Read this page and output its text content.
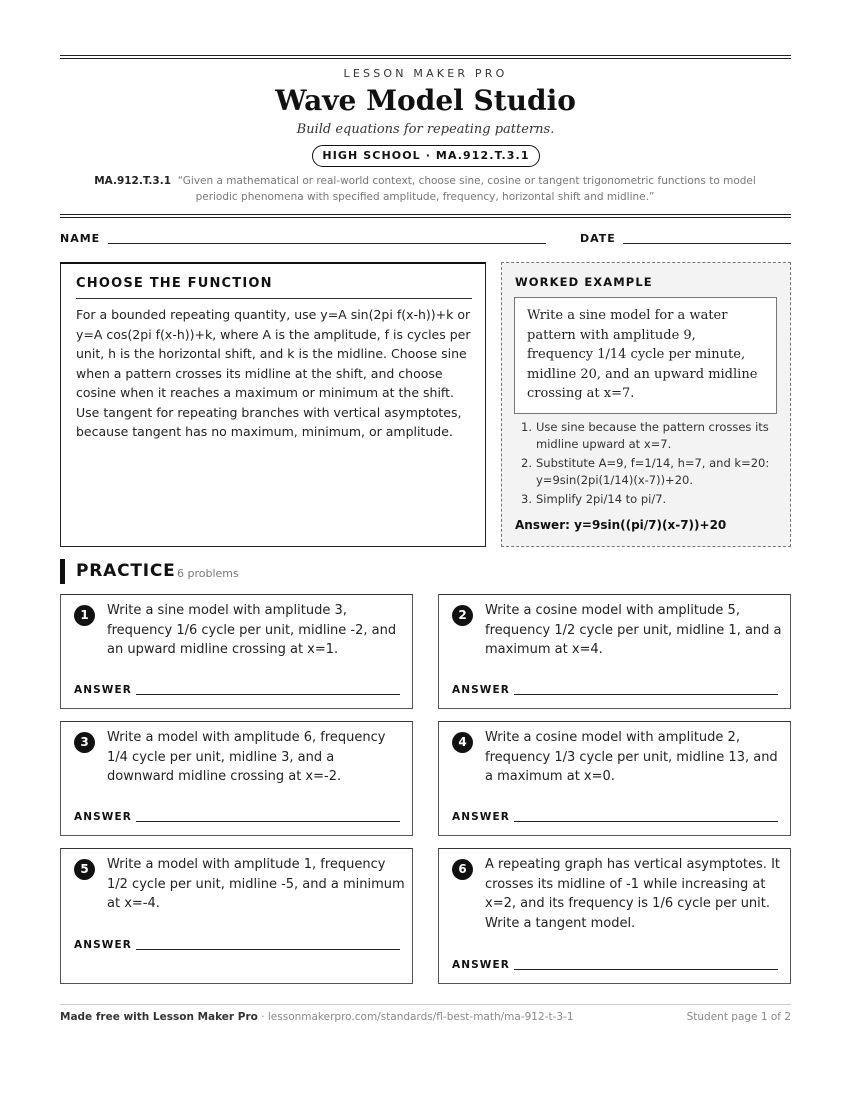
LESSON MAKER PRO
Wave Model Studio
Build equations for repeating patterns.
HIGH SCHOOL · MA.912.T.3.1
MA.912.T.3.1 “Given a mathematical or real-world context, choose sine, cosine or tangent trigonometric functions to model periodic phenomena with specified amplitude, frequency, horizontal shift and midline.”
NAME	DATE
CHOOSE THE FUNCTION

For a bounded repeating quantity, use y=A sin(2pi f(x-h))+k or y=A cos(2pi f(x-h))+k, where A is the amplitude, f is cycles per unit, h is the horizontal shift, and k is the midline. Choose sine when a pattern crosses its midline at the shift, and choose cosine when it reaches a maximum or minimum at the shift. Use tangent for repeating branches with vertical asymptotes, because tangent has no maximum, minimum, or amplitude.

WORKED EXAMPLE
Write a sine model for a water pattern with amplitude 9, frequency 1/14 cycle per minute, midline 20, and an upward midline crossing at x=7.
1. Use sine because the pattern crosses its midline upward at x=7.
2. Substitute A=9, f=1/14, h=7, and k=20: y=9sin(2pi(1/14)(x-7))+20.
3. Simplify 2pi/14 to pi/7.
Answer: y=9sin((pi/7)(x-7))+20
PRACTICE 6 problems
1	Write a sine model with amplitude 3, frequency 1/6 cycle per unit, midline -2, and an upward midline crossing at x=1.
ANSWER
2	Write a cosine model with amplitude 5, frequency 1/2 cycle per unit, midline 1, and a maximum at x=4.
ANSWER
3	Write a model with amplitude 6, frequency 1/4 cycle per unit, midline 3, and a downward midline crossing at x=-2.
ANSWER
4	Write a cosine model with amplitude 2, frequency 1/3 cycle per unit, midline 13, and a maximum at x=0.
ANSWER
5	Write a model with amplitude 1, frequency 1/2 cycle per unit, midline -5, and a minimum at x=-4.
ANSWER
6	A repeating graph has vertical asymptotes. It crosses its midline of -1 while increasing at x=2, and its frequency is 1/6 cycle per unit. Write a tangent model.
ANSWER
Made free with Lesson Maker Pro · lessonmakerpro.com/standards/fl-best-math/ma-912-t-3-1	Student page 1 of 2
